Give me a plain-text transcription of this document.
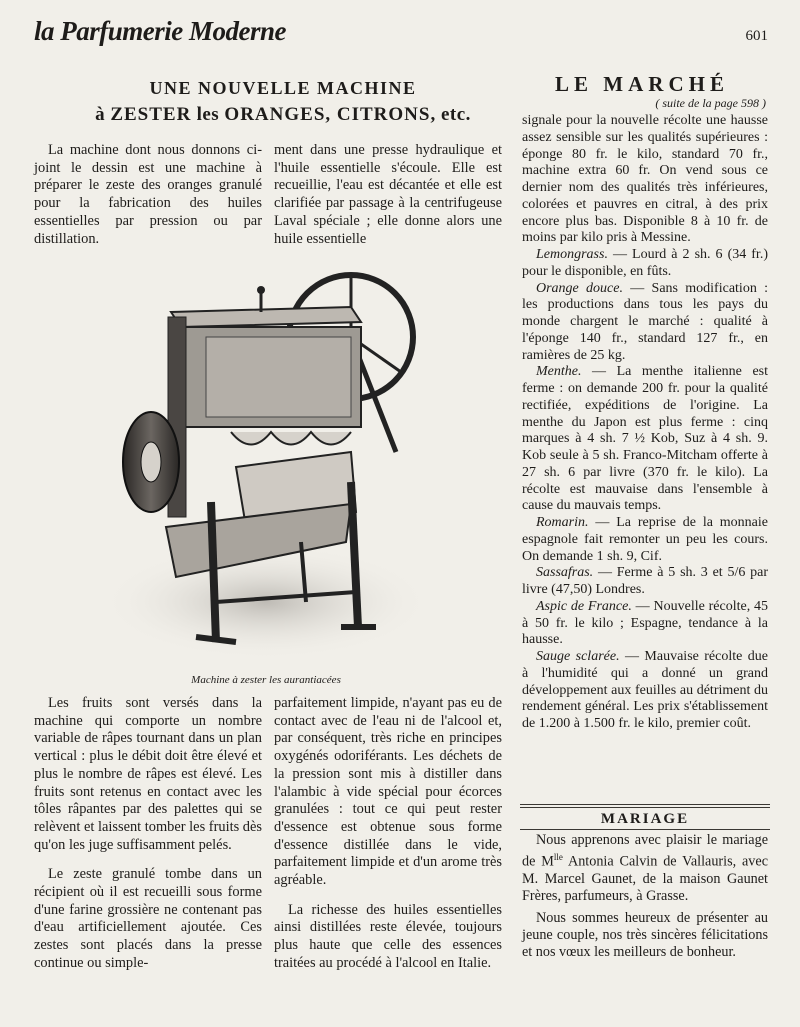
la Parfumerie Moderne	601
UNE NOUVELLE MACHINE
à ZESTER les ORANGES, CITRONS, etc.

La machine dont nous donnons ci-joint le dessin est une machine à préparer le zeste des oranges granulé pour la fabrication des huiles essentielles par pression ou par distillation.

ment dans une presse hydraulique et l'huile essentielle s'écoule. Elle est recueillie, l'eau est décantée et elle est clarifiée par passage à la centrifugeuse Laval spéciale ; elle donne alors une huile essentielle

Machine à zester les aurantiacées

Les fruits sont versés dans la machine qui comporte un nombre variable de râpes tournant dans un plan vertical : plus le débit doit être élevé et plus le nombre de râpes est élevé. Les fruits sont retenus en contact avec les tôles râpantes par des palettes qui se relèvent et laissent tomber les fruits dès qu'on les juge suffisamment pelés.

Le zeste granulé tombe dans un récipient où il est recueilli sous forme d'une farine grossière ne contenant pas d'eau artificiellement ajoutée. Ces zestes sont placés dans la presse continue ou simple-

parfaitement limpide, n'ayant pas eu de contact avec de l'eau ni de l'alcool et, par conséquent, très riche en principes oxygénés odoriférants. Les déchets de la pression sont mis à distiller dans l'alambic à vide spécial pour écorces granulées : tout ce qui peut rester d'essence est obtenue sous forme d'essence distillée dans le vide, parfaitement limpide et d'un arome très agréable.

La richesse des huiles essentielles ainsi distillées reste élevée, toujours plus haute que celle des essences traitées au procédé à l'alcool en Italie.

LE MARCHÉ
( suite de la page 598 )

signale pour la nouvelle récolte une hausse assez sensible sur les qualités supérieures : éponge 80 fr. le kilo, standard 70 fr., machine extra 60 fr. On vend sous ce dernier nom des qualités très inférieures, colorées et pauvres en citral, à des prix encore plus bas. Disponible 8 à 10 fr. de moins par kilo pris à Messine.

Lemongrass. — Lourd à 2 sh. 6 (34 fr.) pour le disponible, en fûts.

Orange douce. — Sans modification : les productions dans tous les pays du monde chargent le marché : qualité à l'éponge 140 fr., standard 127 fr., en ramières de 25 kg.

Menthe. — La menthe italienne est ferme : on demande 200 fr. pour la qualité rectifiée, expéditions de l'origine. La menthe du Japon est plus ferme : cinq marques à 4 sh. 7 ½ Kob, Suz à 4 sh. 9. Kob seule à 5 sh. Franco-Mitcham offerte à 27 sh. 6 par livre (370 fr. le kilo). La récolte est mauvaise dans l'ensemble à cause du mauvais temps.

Romarin. — La reprise de la monnaie espagnole fait remonter un peu les cours. On demande 1 sh. 9, Cif.

Sassafras. — Ferme à 5 sh. 3 et 5/6 par livre (47,50) Londres.

Aspic de France. — Nouvelle récolte, 45 à 50 fr. le kilo ; Espagne, tendance à la hausse.

Sauge sclarée. — Mauvaise récolte due à l'humidité qui a donné un grand développement aux feuilles au détriment du rendement général. Les prix s'établissement de 1.200 à 1.500 fr. le kilo, premier coût.

MARIAGE

Nous apprenons avec plaisir le mariage de $M^{lle}$ Antonia Calvin de Vallauris, avec M. Marcel Gaunet, de la maison Gaunet Frères, parfumeurs, à Grasse.

Nous sommes heureux de présenter au jeune couple, nos très sincères félicitations et nos vœux les meilleurs de bonheur.
